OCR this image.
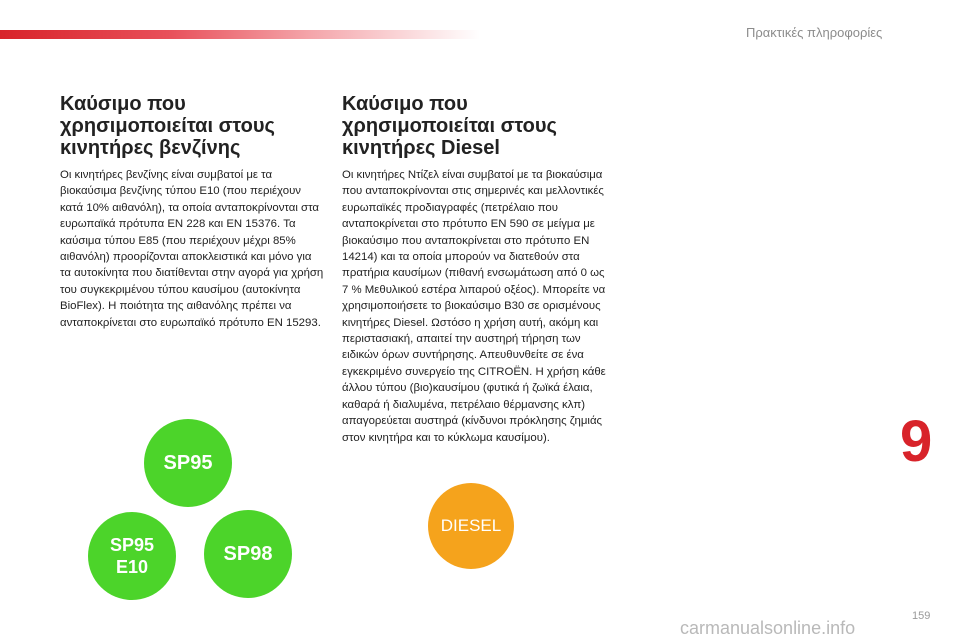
Πρακτικές πληροφορίες
Καύσιμο που χρησιμοποιείται στους κινητήρες βενζίνης

Οι κινητήρες βενζίνης είναι συμβατοί με τα βιοκαύσιμα βενζίνης τύπου E10 (που περιέχουν κατά 10% αιθανόλη), τα οποία ανταποκρίνονται στα ευρωπαϊκά πρότυπα EN 228 και EN 15376. Τα καύσιμα τύπου E85 (που περιέχουν μέχρι 85% αιθανόλη) προορίζονται αποκλειστικά και μόνο για τα αυτοκίνητα που διατίθενται στην αγορά για χρήση του συγκεκριμένου τύπου καυσίμου (αυτοκίνητα BioFlex). Η ποιότητα της αιθανόλης πρέπει να ανταποκρίνεται στο ευρωπαϊκό πρότυπο EN 15293.

Καύσιμο που χρησιμοποιείται στους κινητήρες Diesel

Οι κινητήρες Ντίζελ είναι συμβατοί με τα βιοκαύσιμα που ανταποκρίνονται στις σημερινές και μελλοντικές ευρωπαϊκές προδιαγραφές (πετρέλαιο που ανταποκρίνεται στο πρότυπο EN 590 σε μείγμα με βιοκαύσιμο που ανταποκρίνεται στο πρότυπο EN 14214) και τα οποία μπορούν να διατεθούν στα πρατήρια καυσίμων (πιθανή ενσωμάτωση από 0 ως 7 % Μεθυλικού εστέρα λιπαρού οξέος). Μπορείτε να χρησιμοποιήσετε το βιοκαύσιμο B30 σε ορισμένους κινητήρες Diesel. Ωστόσο η χρήση αυτή, ακόμη και περιστασιακή, απαιτεί την αυστηρή τήρηση των ειδικών όρων συντήρησης. Απευθυνθείτε σε ένα εγκεκριμένο συνεργείο της CITROËN. Η χρήση κάθε άλλου τύπου (βιο)καυσίμου (φυτικά ή ζωϊκά έλαια, καθαρά ή διαλυμένα, πετρέλαιο θέρμανσης κλπ) απαγορεύεται αυστηρά (κίνδυνοι πρόκλησης ζημιάς στον κινητήρα και το κύκλωμα καυσίμου).

SP95
SP95
E10
SP98
DIESEL
9
159
carmanualsonline.info
